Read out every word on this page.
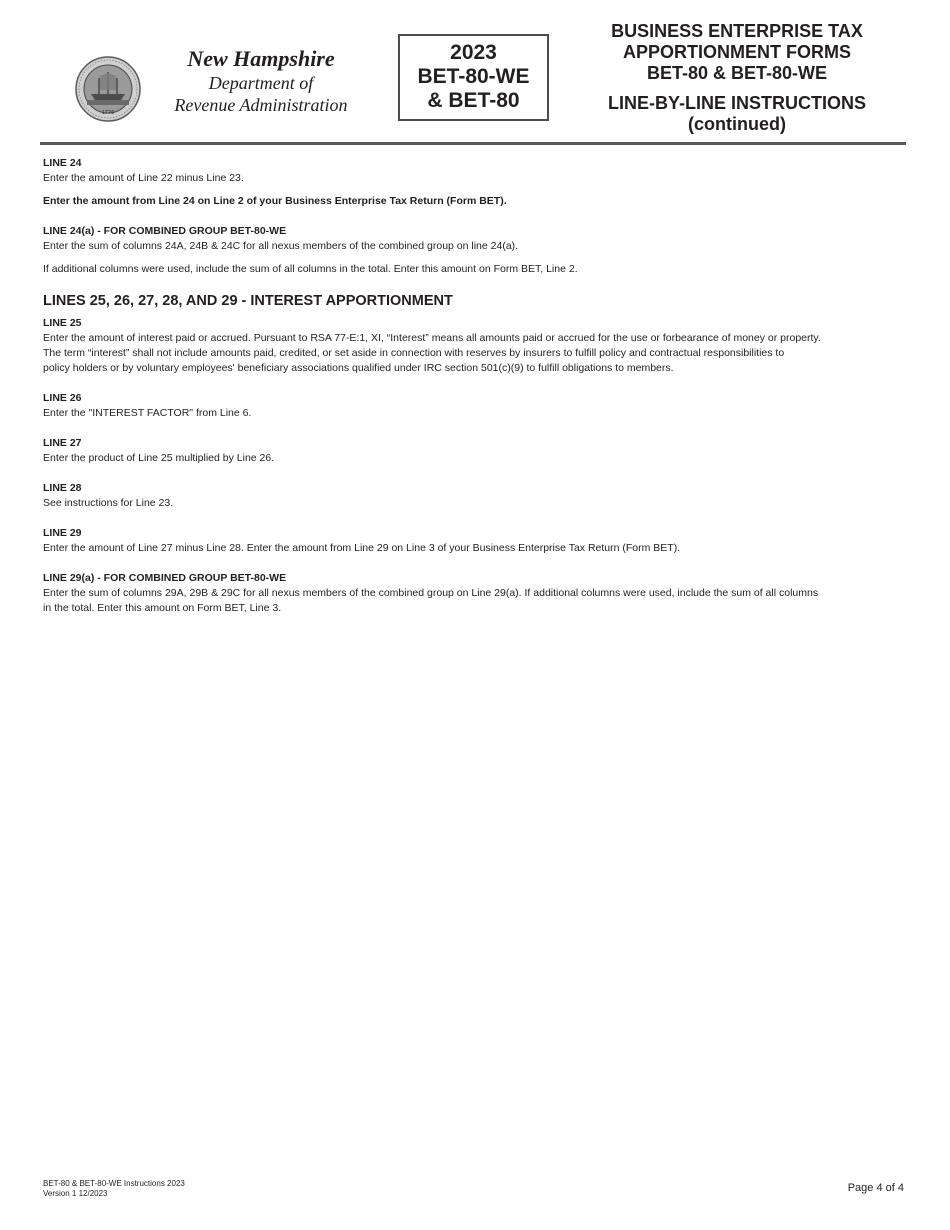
1776
New Hampshire
Department of
Revenue Administration
2023
BET-80-WE
& BET-80
BUSINESS ENTERPRISE TAX
APPORTIONMENT FORMS
BET-80 & BET-80-WE
LINE-BY-LINE INSTRUCTIONS
(continued)

LINE 24

Enter the amount of Line 22 minus Line 23.

Enter the amount from Line 24 on Line 2 of your Business Enterprise Tax Return (Form BET).

LINE 24(a) - FOR COMBINED GROUP BET-80-WE

Enter the sum of columns 24A, 24B & 24C for all nexus members of the combined group on line 24(a).

If additional columns were used, include the sum of all columns in the total. Enter this amount on Form BET, Line 2.

LINES 25, 26, 27, 28, AND 29 - INTEREST APPORTIONMENT

LINE 25

Enter the amount of interest paid or accrued. Pursuant to RSA 77-E:1, XI, “Interest” means all amounts paid or accrued for the use or forbearance of money or property.

The term “interest” shall not include amounts paid, credited, or set aside in connection with reserves by insurers to fulfill policy and contractual responsibilities to

policy holders or by voluntary employees' beneficiary associations qualified under IRC section 501(c)(9) to fulfill obligations to members.

LINE 26

Enter the "INTEREST FACTOR" from Line 6.

LINE 27

Enter the product of Line 25 multiplied by Line 26.

LINE 28

See instructions for Line 23.

LINE 29

Enter the amount of Line 27 minus Line 28. Enter the amount from Line 29 on Line 3 of your Business Enterprise Tax Return (Form BET).

LINE 29(a) - FOR COMBINED GROUP BET-80-WE

Enter the sum of columns 29A, 29B & 29C for all nexus members of the combined group on Line 29(a). If additional columns were used, include the sum of all columns

in the total. Enter this amount on Form BET, Line 3.

BET-80 & BET-80-WE Instructions 2023
Version 1 12/2023	Page 4 of 4
